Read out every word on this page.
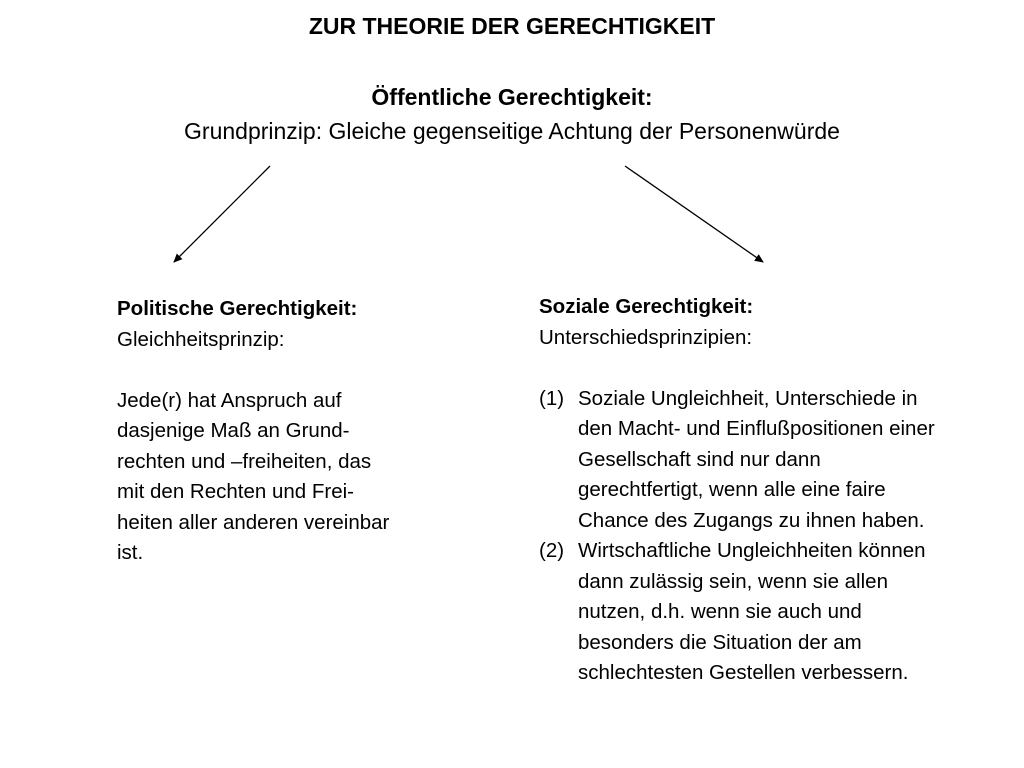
ZUR THEORIE DER GERECHTIGKEIT
Öffentliche Gerechtigkeit:
Grundprinzip: Gleiche gegenseitige Achtung der Personenwürde
Politische Gerechtigkeit:
Gleichheitsprinzip:
Jede(r) hat Anspruch auf
dasjenige Maß an Grund-
rechten und –freiheiten, das
mit den Rechten und Frei-
heiten aller anderen vereinbar
ist.
Soziale Gerechtigkeit:
Unterschiedsprinzipien:
(1) Soziale Ungleichheit, Unterschiede in
den Macht- und Einflußpositionen einer
Gesellschaft sind nur dann
gerechtfertigt, wenn alle eine faire
Chance des Zugangs zu ihnen haben.
(2) Wirtschaftliche Ungleichheiten können
dann zulässig sein, wenn sie allen
nutzen, d.h. wenn sie auch und
besonders die Situation der am
schlechtesten Gestellen verbessern.
